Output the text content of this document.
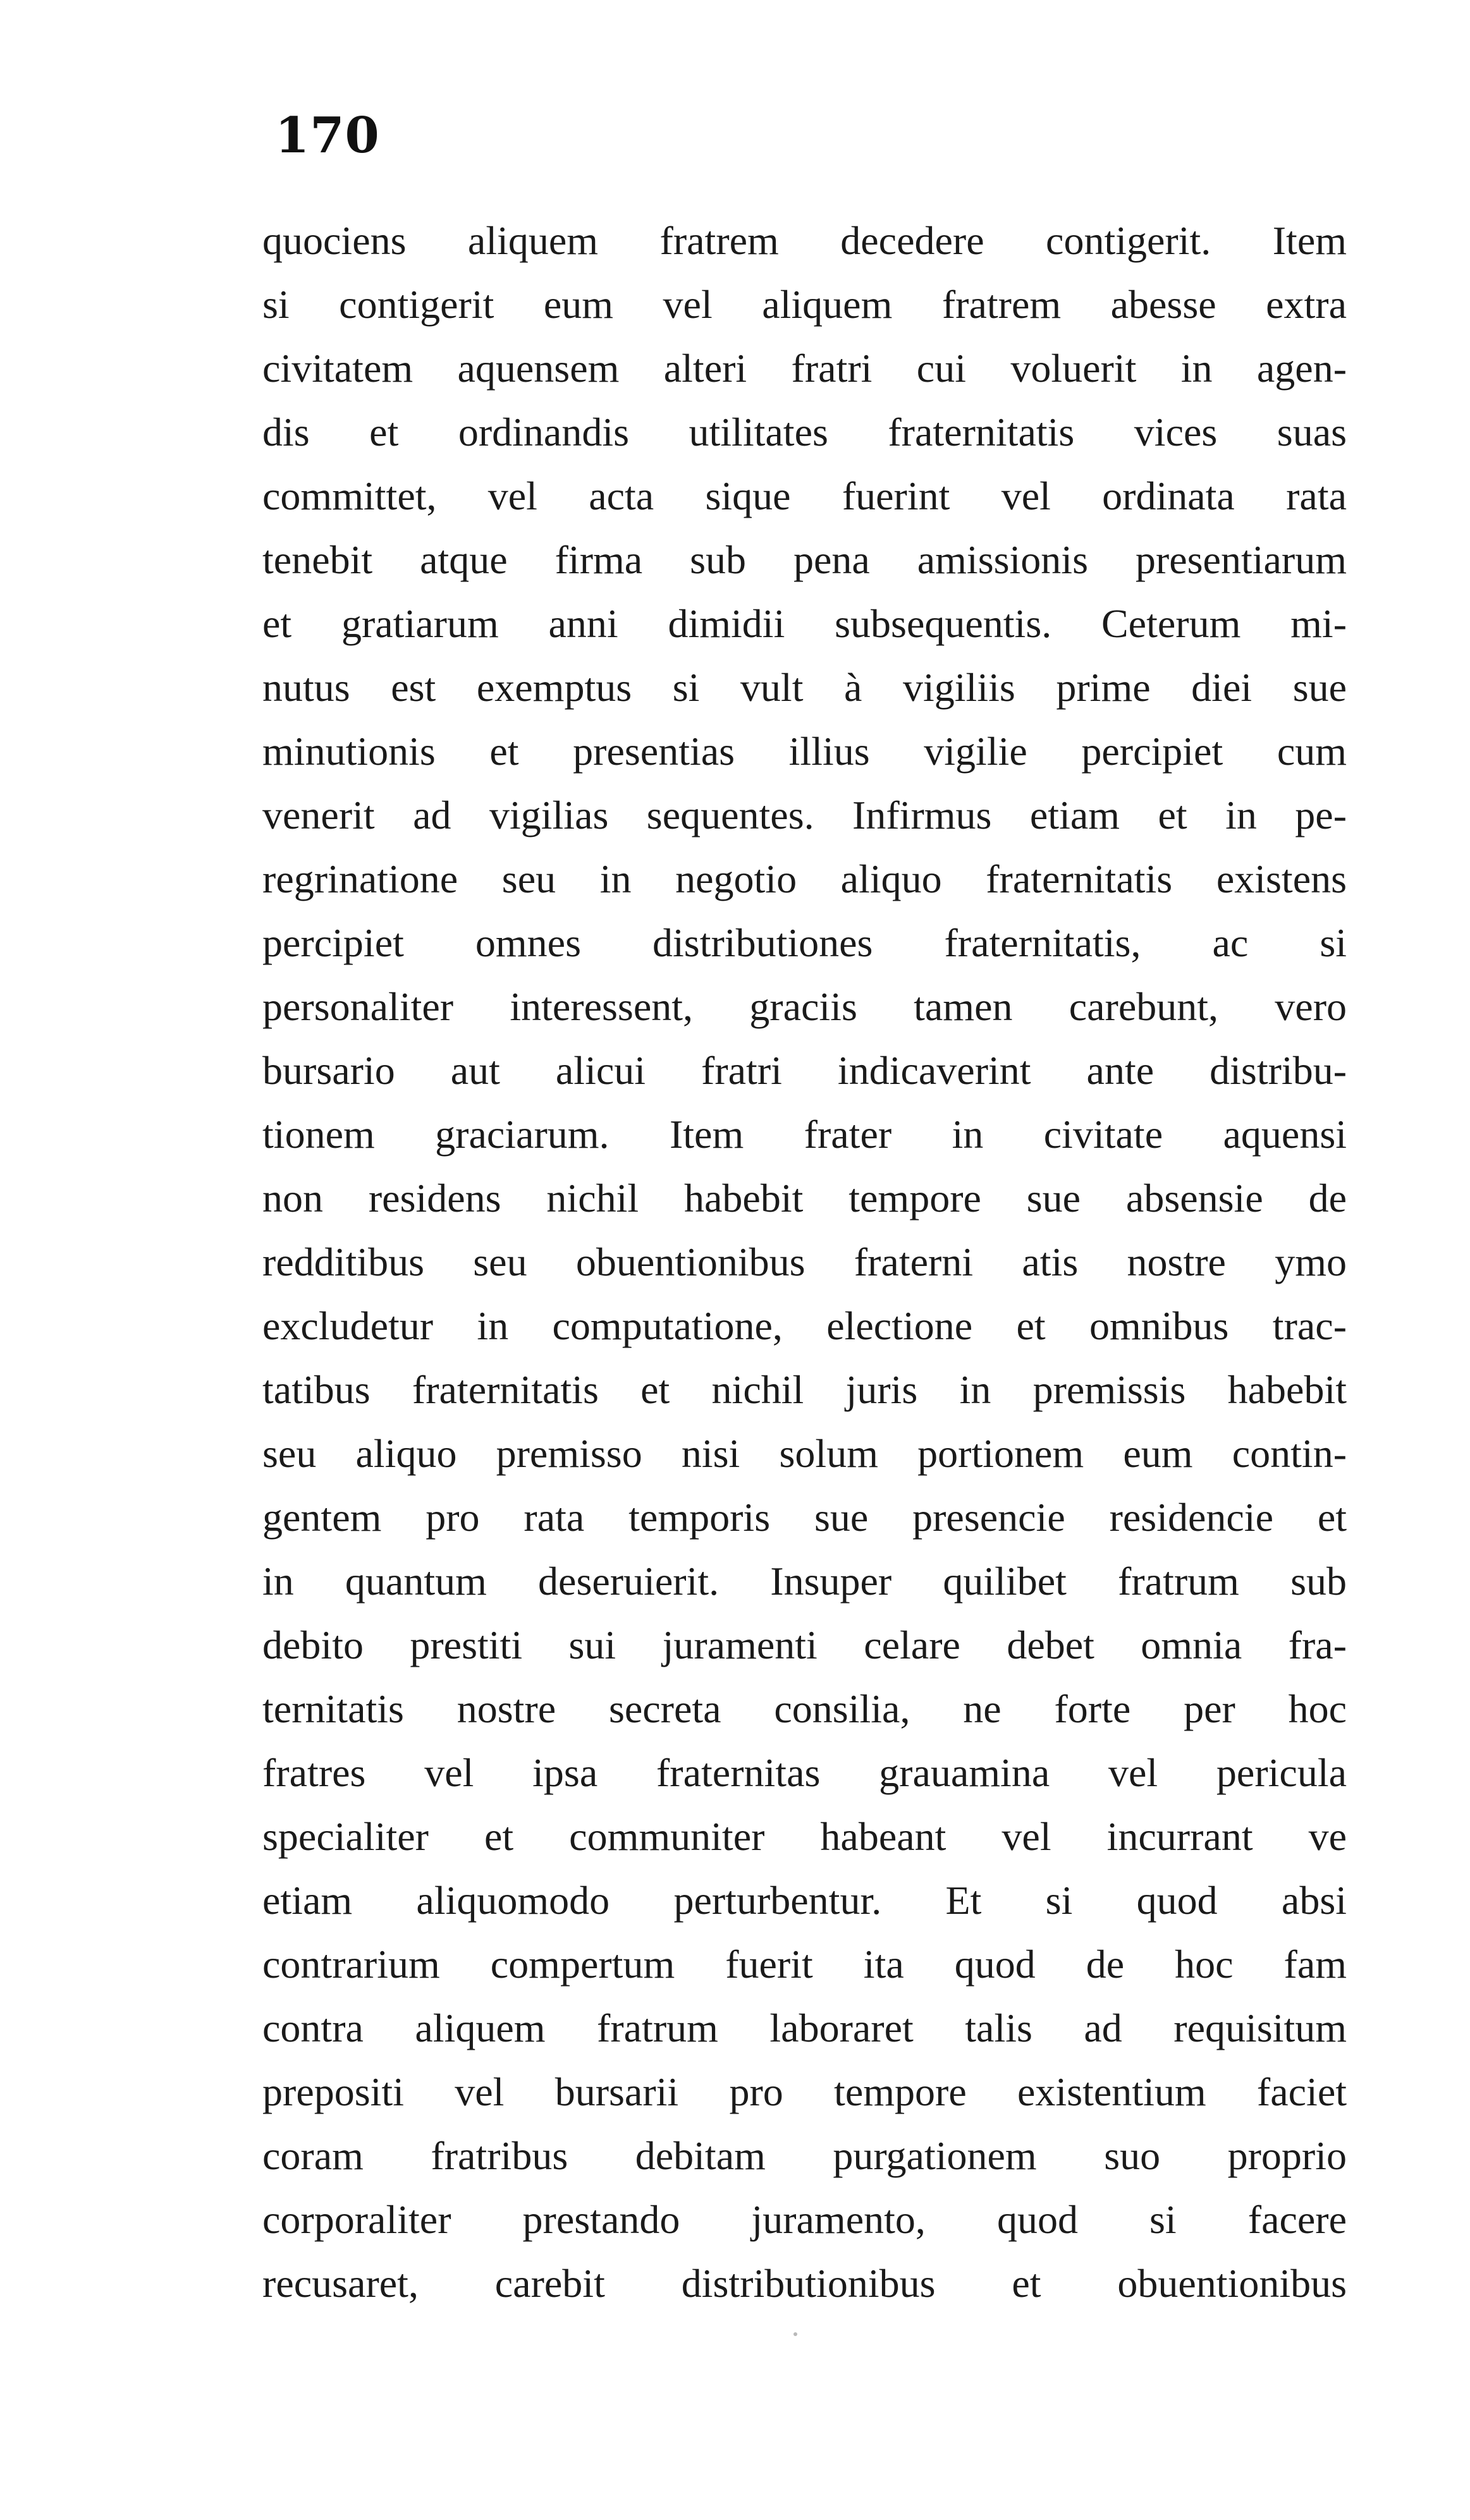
170
quociens aliquem fratrem decedere contigerit. Item
si contigerit eum vel aliquem fratrem abesse extra
civitatem aquensem alteri fratri cui voluerit in agen-
dis et ordinandis utilitates fraternitatis vices suas
committet, vel acta sique fuerint vel ordinata rata
tenebit atque firma sub pena amissionis presentiarum
et gratiarum anni dimidii subsequentis. Ceterum mi-
nutus est exemptus si vult à vigiliis prime diei sue
minutionis et presentias illius vigilie percipiet cum
venerit ad vigilias sequentes. Infirmus etiam et in pe-
regrinatione seu in negotio aliquo fraternitatis existens
percipiet omnes distributiones fraternitatis, ac si
personaliter interessent, graciis tamen carebunt, vero
bursario aut alicui fratri indicaverint ante distribu-
tionem graciarum. Item frater in civitate aquensi
non residens nichil habebit tempore sue absensie de
redditibus seu obuentionibus fraterni atis nostre ymo
excludetur in computatione, electione et omnibus trac-
tatibus fraternitatis et nichil juris in premissis habebit
seu aliquo premisso nisi solum portionem eum contin-
gentem pro rata temporis sue presencie residencie et
in quantum deseruierit. Insuper quilibet fratrum sub
debito prestiti sui juramenti celare debet omnia fra-
ternitatis nostre secreta consilia, ne forte per hoc
fratres vel ipsa fraternitas grauamina vel pericula
specialiter et communiter habeant vel incurrant ve
etiam aliquomodo perturbentur. Et si quod absi
contrarium compertum fuerit ita quod de hoc fam
contra aliquem fratrum laboraret talis ad requisitum
prepositi vel bursarii pro tempore existentium faciet
coram fratribus debitam purgationem suo proprio
corporaliter prestando juramento, quod si facere
recusaret, carebit distributionibus et obuentionibus
